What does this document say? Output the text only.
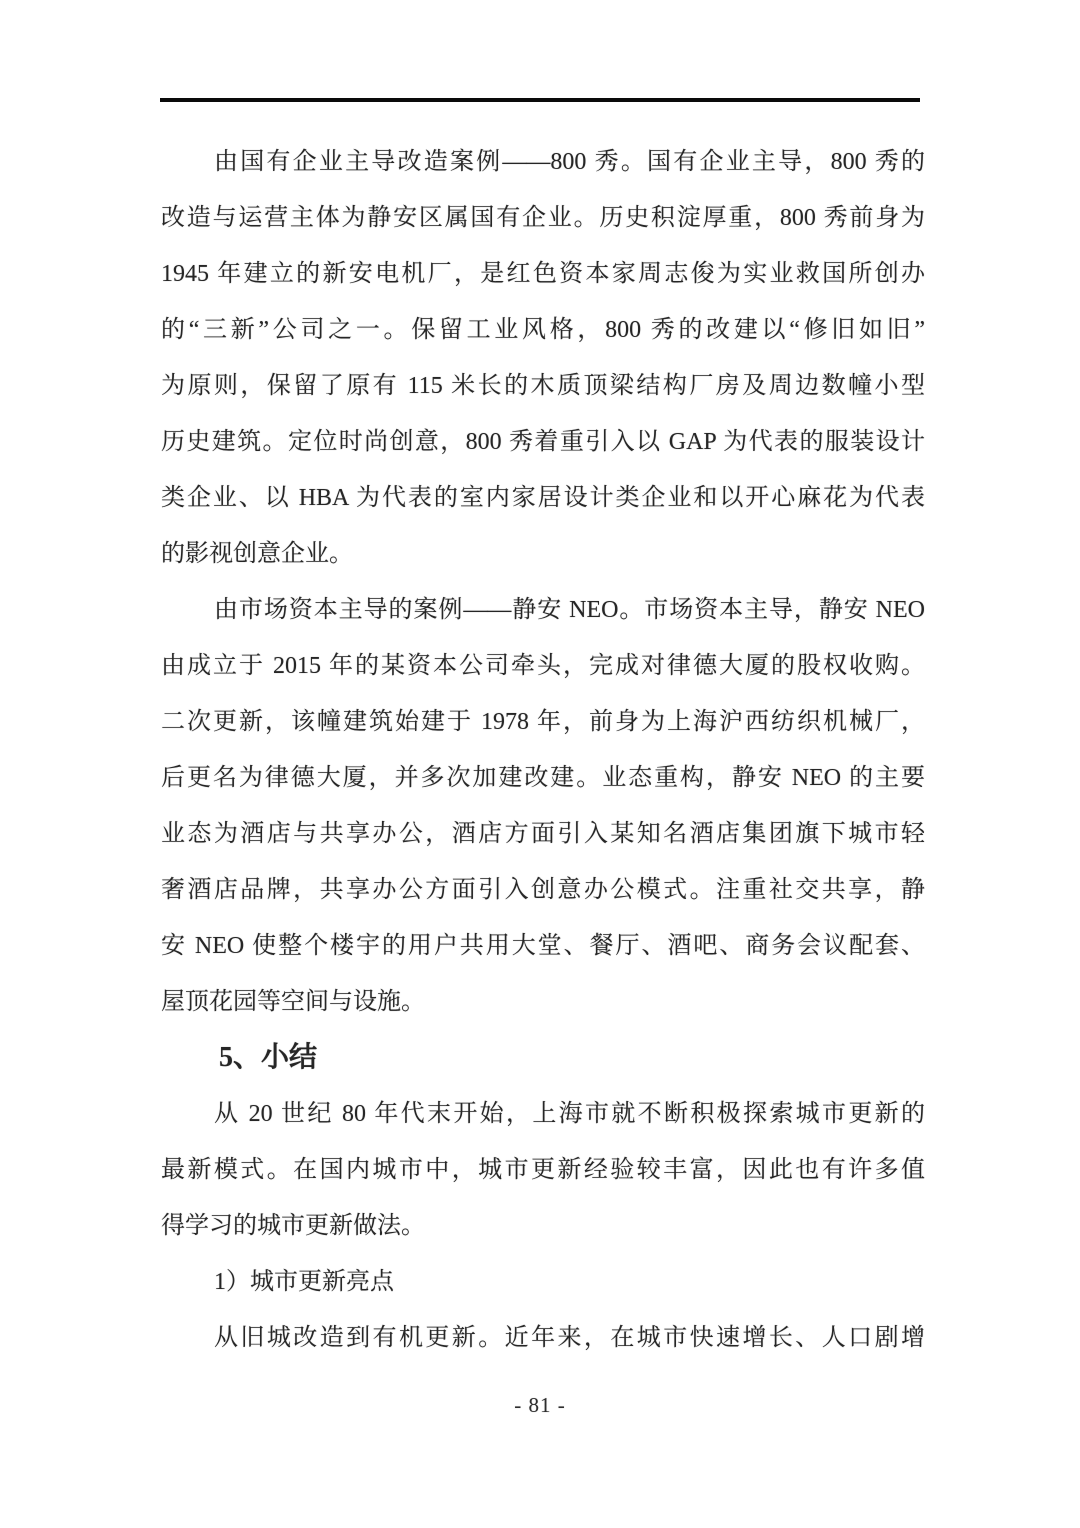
由国有企业主导改造案例——800 秀。国有企业主导，800 秀的
改造与运营主体为静安区属国有企业。历史积淀厚重，800 秀前身为
1945 年建立的新安电机厂，是红色资本家周志俊为实业救国所创办
的“三新”公司之一。保留工业风格，800 秀的改建以“修旧如旧”
为原则，保留了原有 115 米长的木质顶梁结构厂房及周边数幢小型
历史建筑。定位时尚创意，800 秀着重引入以 GAP 为代表的服装设计
类企业、以 HBA 为代表的室内家居设计类企业和以开心麻花为代表
的影视创意企业。
由市场资本主导的案例——静安 NEO。市场资本主导，静安 NEO
由成立于 2015 年的某资本公司牵头，完成对律德大厦的股权收购。
二次更新，该幢建筑始建于 1978 年，前身为上海沪西纺织机械厂，
后更名为律德大厦，并多次加建改建。业态重构，静安 NEO 的主要
业态为酒店与共享办公，酒店方面引入某知名酒店集团旗下城市轻
奢酒店品牌，共享办公方面引入创意办公模式。注重社交共享，静
安 NEO 使整个楼宇的用户共用大堂、餐厅、酒吧、商务会议配套、
屋顶花园等空间与设施。
5、小结
从 20 世纪 80 年代末开始，上海市就不断积极探索城市更新的
最新模式。在国内城市中，城市更新经验较丰富，因此也有许多值
得学习的城市更新做法。
1）城市更新亮点
从旧城改造到有机更新。近年来，在城市快速增长、人口剧增
- 81 -
